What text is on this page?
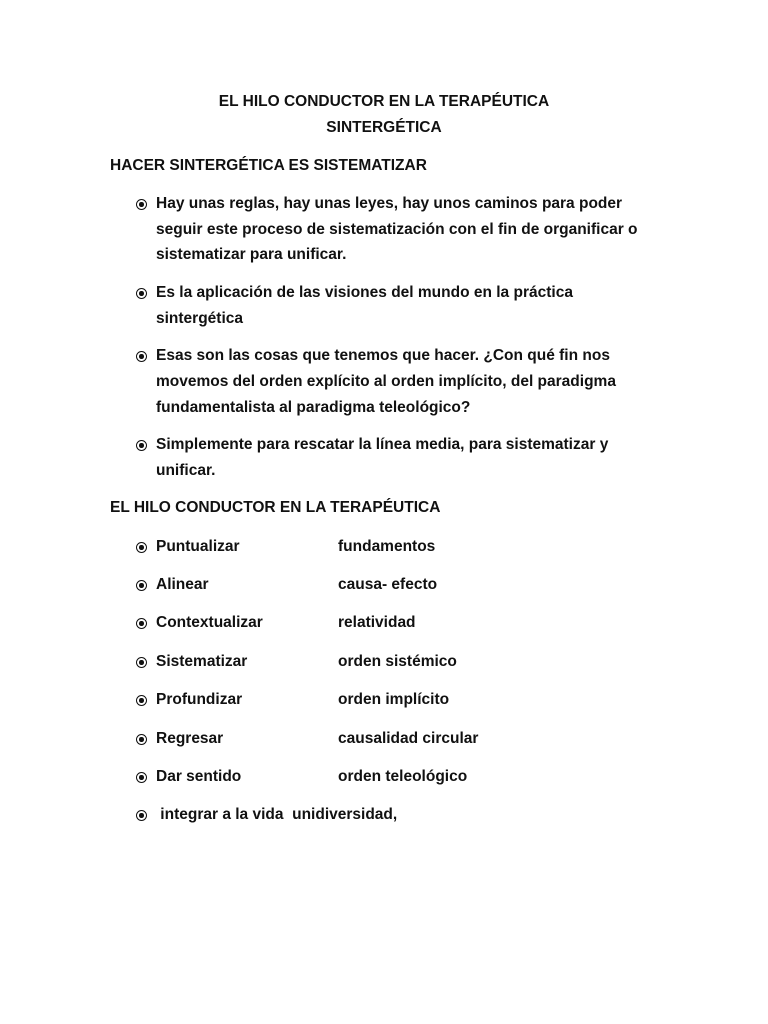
EL HILO CONDUCTOR EN LA TERAPÉUTICA
SINTERGÉTICA
HACER SINTERGÉTICA ES SISTEMATIZAR
Hay unas reglas, hay unas leyes, hay unos caminos para poder
seguir este proceso de sistematización con el fin de organificar o
sistematizar para unificar.
Es la aplicación de las visiones del mundo en la práctica
sintergética
Esas son las cosas que tenemos que hacer. ¿Con qué fin nos
movemos del orden explícito al orden implícito, del paradigma
fundamentalista al paradigma teleológico?
Simplemente para rescatar la línea media, para sistematizar y
unificar.
EL HILO CONDUCTOR EN LA TERAPÉUTICA
Puntualizar	fundamentos
Alinear	causa- efecto
Contextualizar	relatividad
Sistematizar	orden sistémico
Profundizar	orden implícito
Regresar	causalidad circular
Dar sentido	orden teleológico
integrar a la vida  unidiversidad,
